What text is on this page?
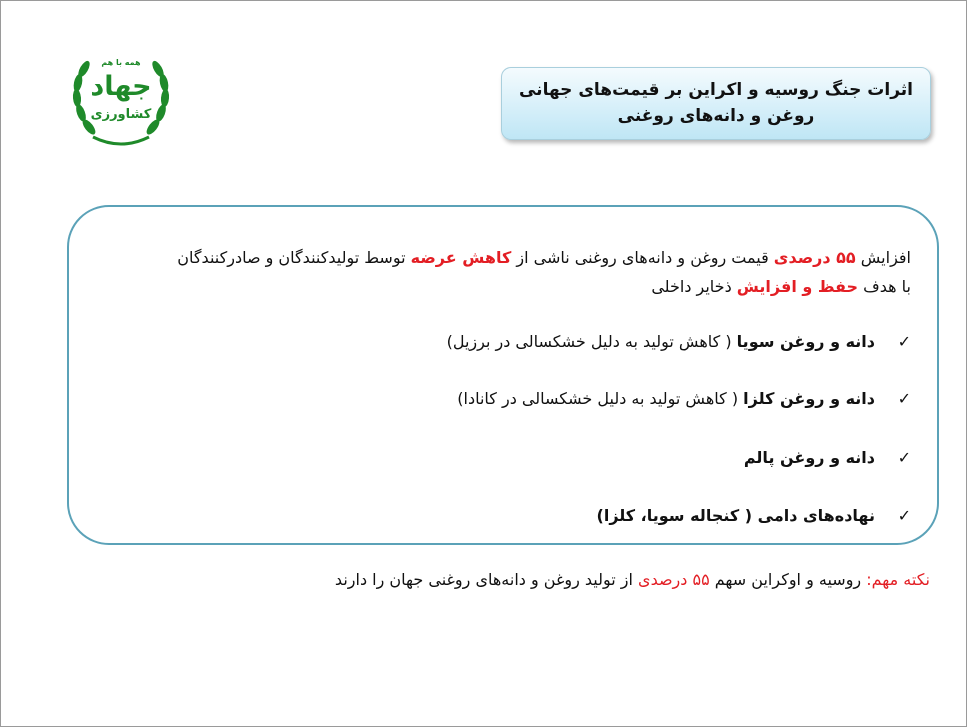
همه با هم
جهاد
کشاورزی
اثرات جنگ روسیه و اکراین بر قیمت‌های جهانی
روغن و دانه‌های روغنی
افزایش ۵۵ درصدی قیمت روغن و دانه‌های روغنی ناشی از کاهش عرضه توسط تولیدکنندگان و صادرکنندگان
با هدف حفظ و افزایش ذخایر داخلی
✓دانه و روغن سویا ( کاهش تولید به دلیل خشکسالی در برزیل)
✓دانه و روغن کلزا ( کاهش تولید به دلیل خشکسالی در کانادا)
✓دانه و روغن پالم
✓نهاده‌های دامی ( کنجاله سویا، کلزا)
نکته مهم: روسیه و اوکراین سهم ۵۵ درصدی از تولید روغن و دانه‌های روغنی جهان را دارند
